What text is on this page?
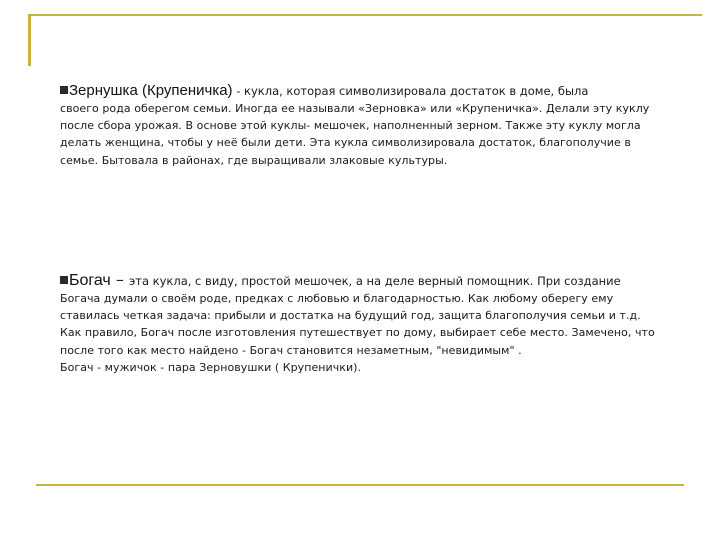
Зернушка (Крупеничка) - кукла, которая символизировала достаток в доме, была

своего рода оберегом семьи. Иногда ее называли «Зерновка» или «Крупеничка». Делали эту куклу

после сбора урожая. В основе этой куклы- мешочек, наполненный зерном. Также эту куклу могла

делать женщина, чтобы у неё были дети. Эта кукла символизировала достаток, благополучие в

семье. Бытовала в районах, где выращивали злаковые культуры.

Богач – эта кукла, с виду, простой мешочек, а на деле верный помощник. При создание

Богача думали о своём роде, предках с любовью и благодарностью. Как любому оберегу ему

ставилась четкая задача: прибыли и достатка на будущий год, защита благополучия семьи и т.д.

Как правило, Богач после изготовления путешествует по дому, выбирает себе место. Замечено, что

после того как место найдено - Богач становится незаметным, "невидимым" .

Богач - мужичок - пара Зерновушки ( Крупенички).
